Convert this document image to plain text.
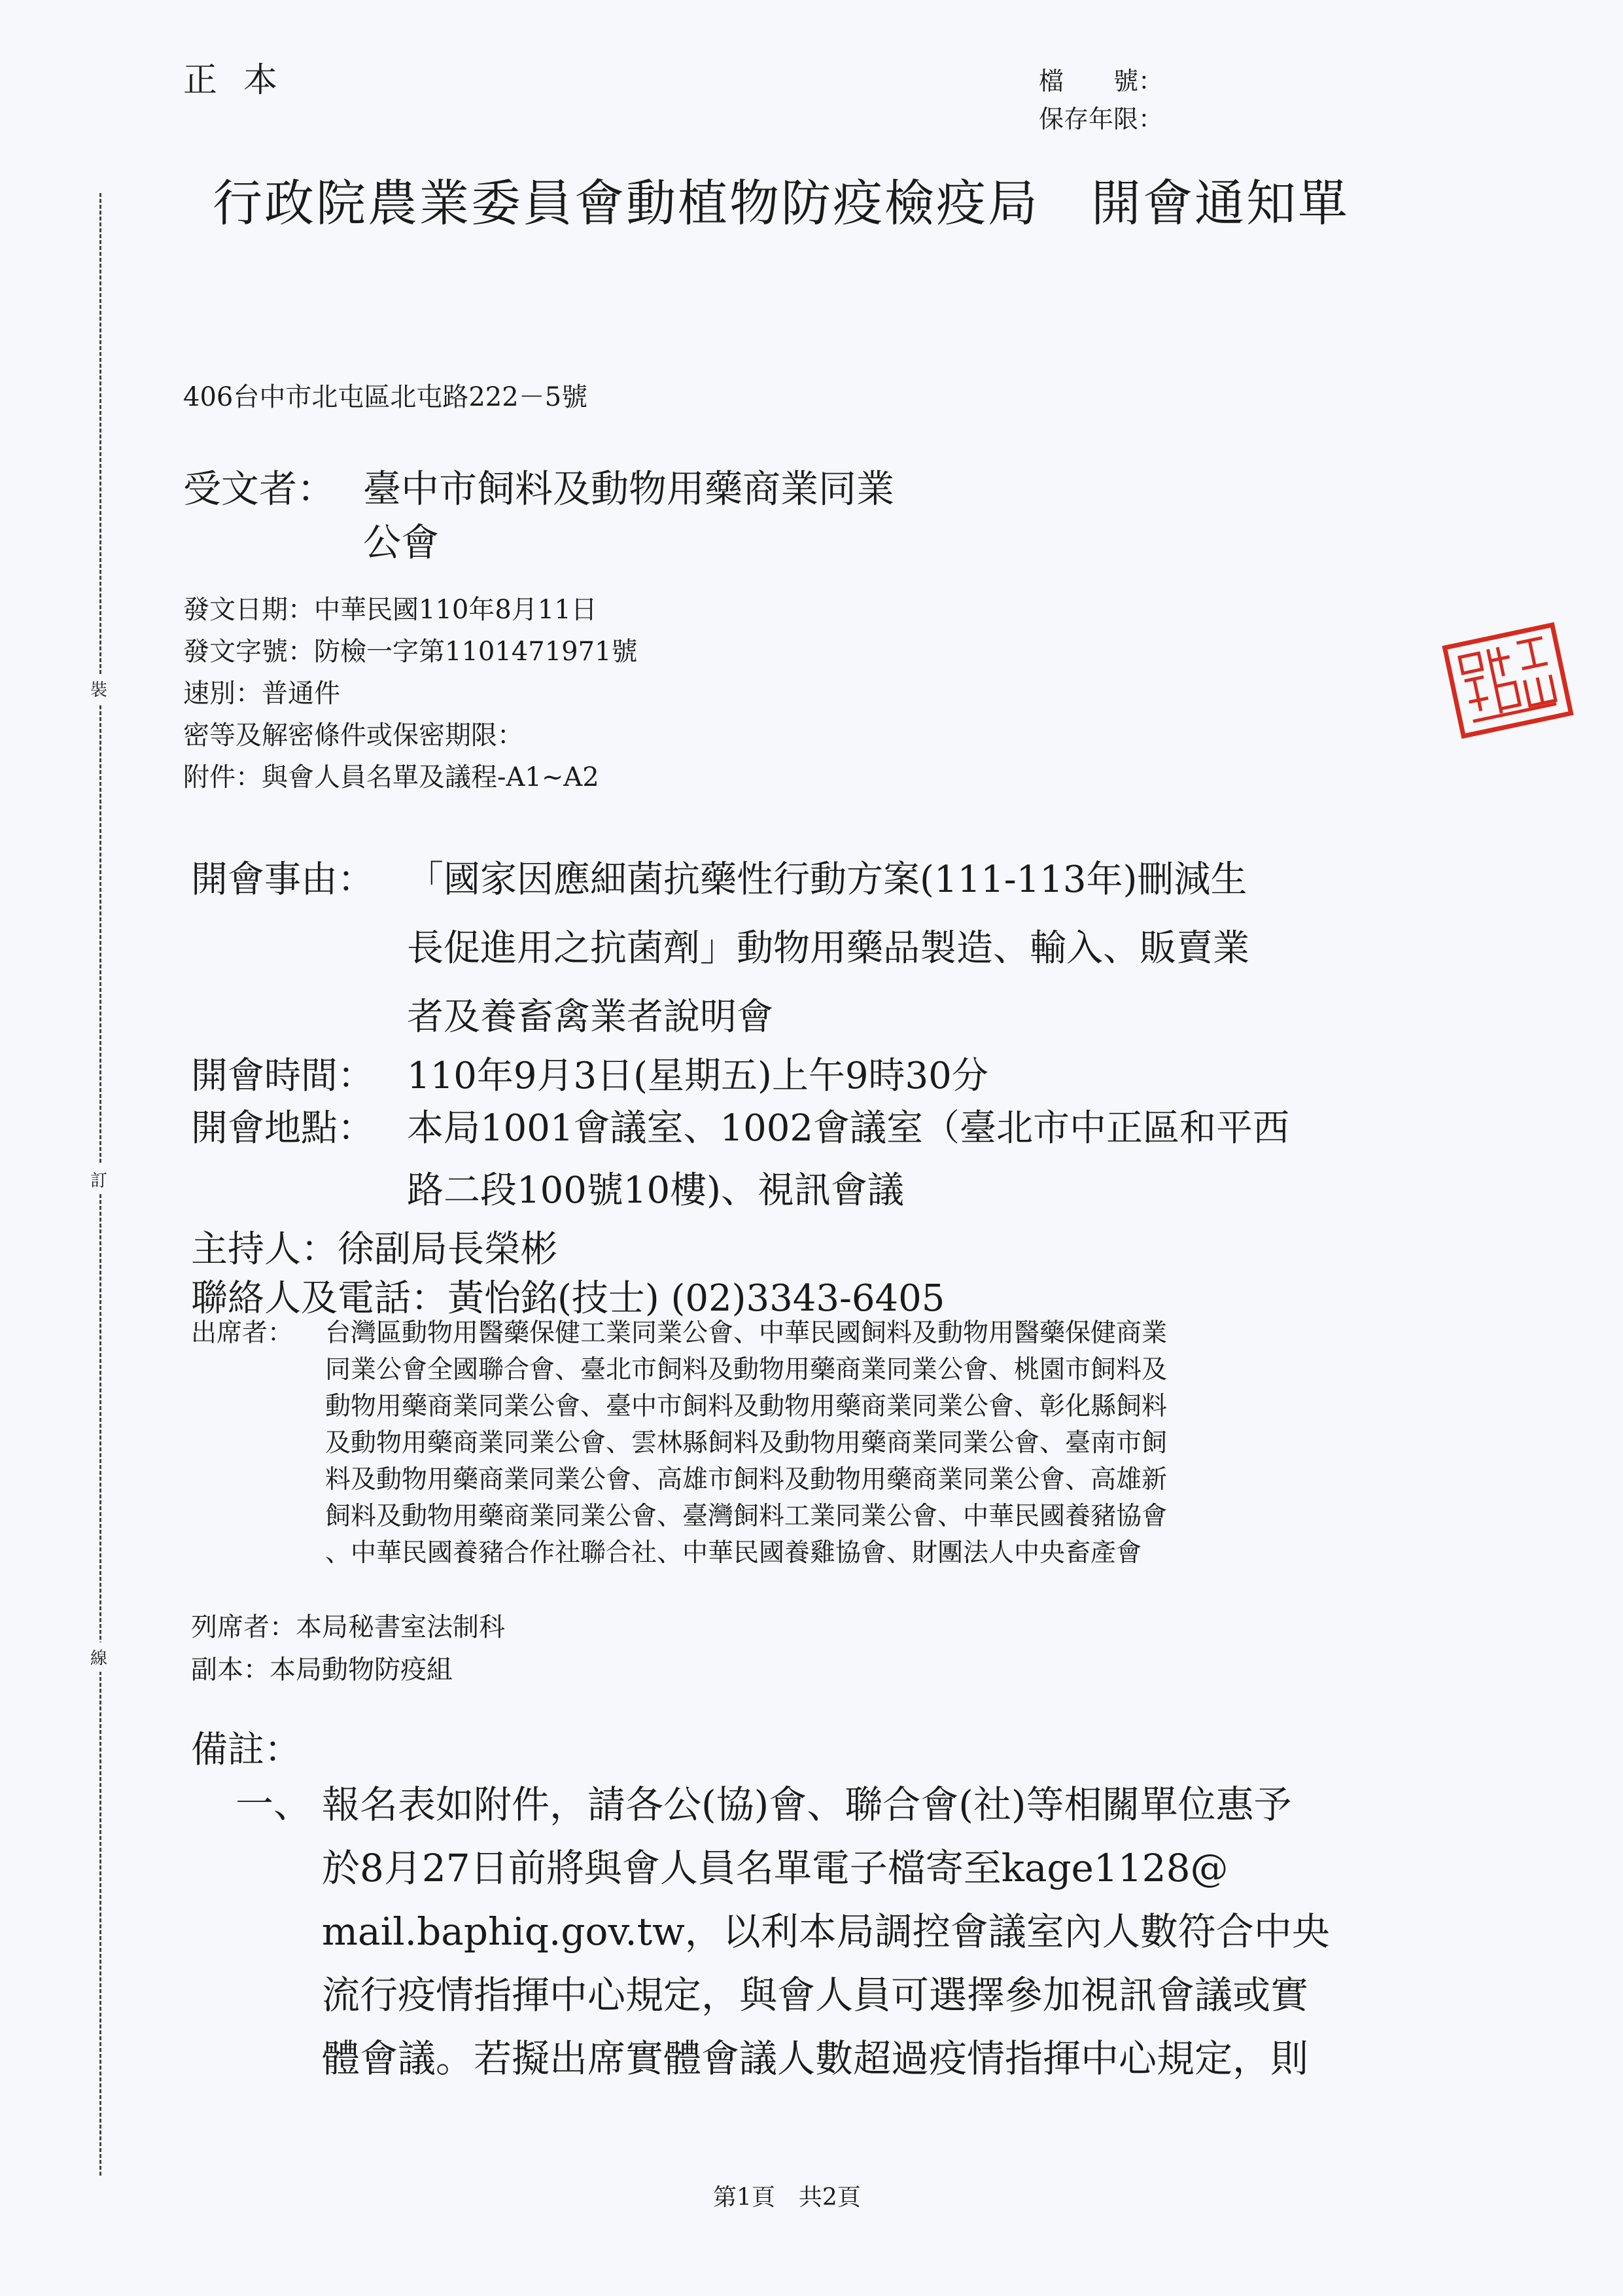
正本	檔　　號：
保存年限：
行政院農業委員會動植物防疫檢疫局　開會通知單
裝
訂
線
406台中市北屯區北屯路222－5號
受文者： 臺中市飼料及動物用藥商業同業
公會
發文日期：中華民國110年8月11日
發文字號：防檢一字第1101471971號
速別：普通件
密等及解密條件或保密期限：
附件：與會人員名單及議程-A1~A2
開會事由： 「國家因應細菌抗藥性行動方案(111-113年)刪減生
長促進用之抗菌劑」動物用藥品製造、輸入、販賣業
者及養畜禽業者說明會
開會時間： 110年9月3日(星期五)上午9時30分
開會地點： 本局1001會議室、1002會議室（臺北市中正區和平西
路二段100號10樓)、視訊會議
主持人：徐副局長榮彬
聯絡人及電話：黃怡銘(技士) (02)3343-6405
出席者： 台灣區動物用醫藥保健工業同業公會、中華民國飼料及動物用醫藥保健商業
同業公會全國聯合會、臺北市飼料及動物用藥商業同業公會、桃園市飼料及
動物用藥商業同業公會、臺中市飼料及動物用藥商業同業公會、彰化縣飼料
及動物用藥商業同業公會、雲林縣飼料及動物用藥商業同業公會、臺南市飼
料及動物用藥商業同業公會、高雄市飼料及動物用藥商業同業公會、高雄新
飼料及動物用藥商業同業公會、臺灣飼料工業同業公會、中華民國養豬協會
、中華民國養豬合作社聯合社、中華民國養雞協會、財團法人中央畜產會
列席者：本局秘書室法制科
副本：本局動物防疫組
備註：
一、 報名表如附件，請各公(協)會、聯合會(社)等相關單位惠予
於8月27日前將與會人員名單電子檔寄至kage1128@
mail.baphiq.gov.tw，以利本局調控會議室內人數符合中央
流行疫情指揮中心規定，與會人員可選擇參加視訊會議或實
體會議。若擬出席實體會議人數超過疫情指揮中心規定，則
第1頁　共2頁
